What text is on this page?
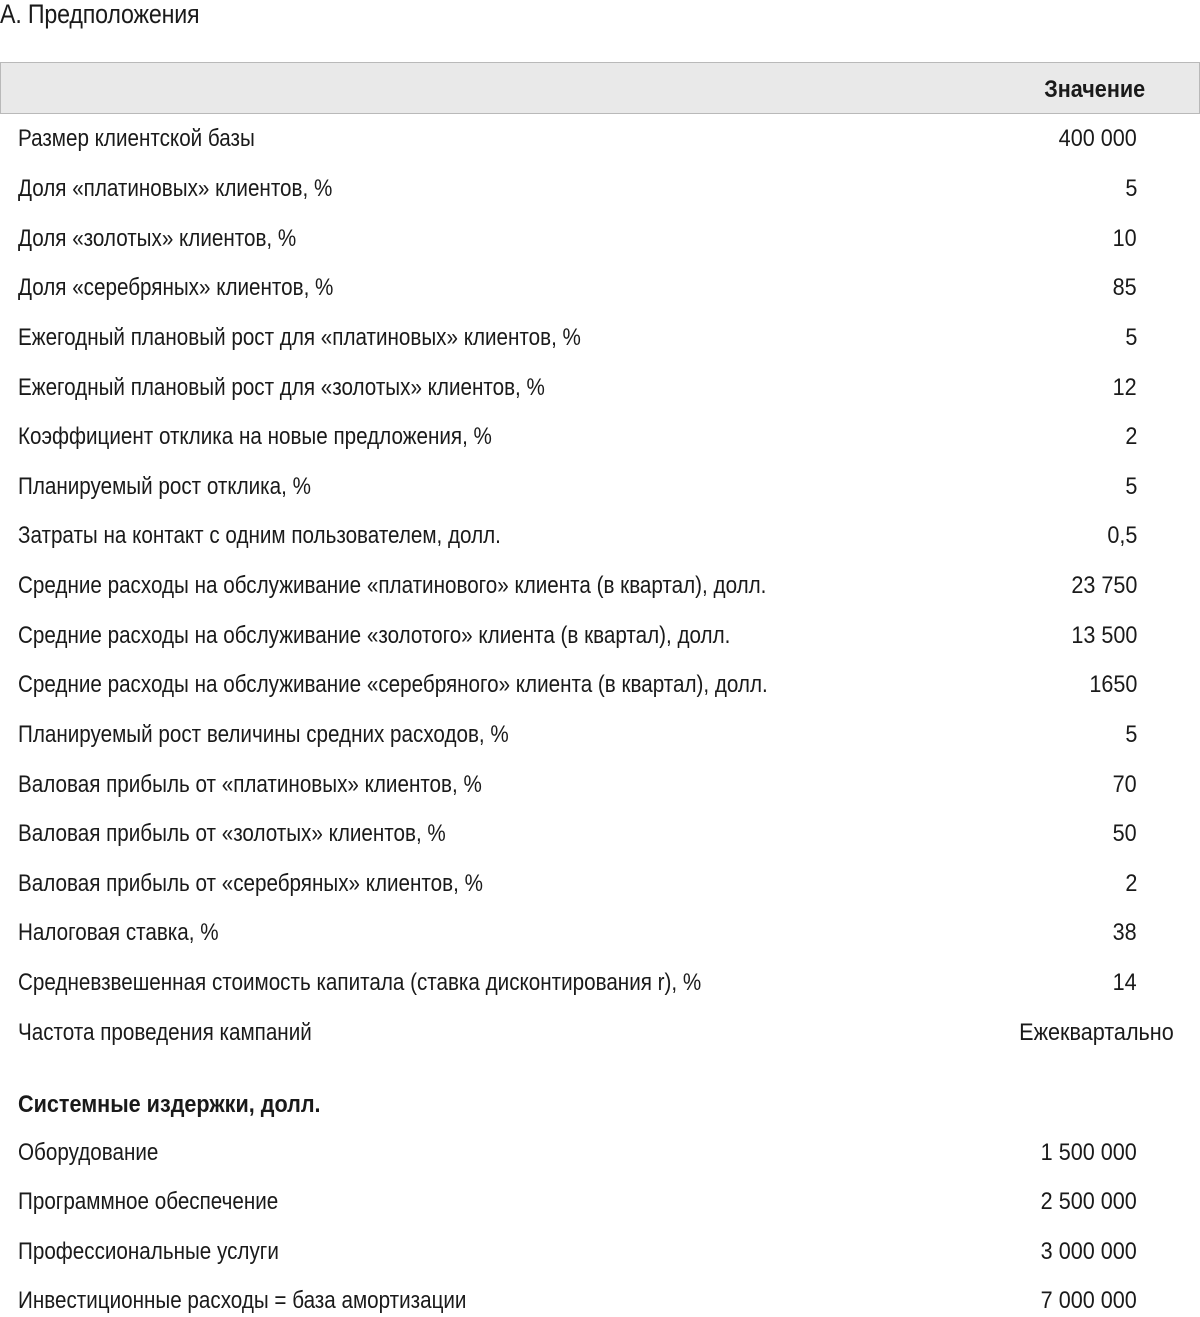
А. Предположения
Значение
Размер клиентской базы	400 000
Доля «платиновых» клиентов, %	5
Доля «золотых» клиентов, %	10
Доля «серебряных» клиентов, %	85
Ежегодный плановый рост для «платиновых» клиентов, %	5
Ежегодный плановый рост для «золотых» клиентов, %	12
Коэффициент отклика на новые предложения, %	2
Планируемый рост отклика, %	5
Затраты на контакт с одним пользователем, долл.	0,5
Средние расходы на обслуживание «платинового» клиента (в квартал), долл.	23 750
Средние расходы на обслуживание «золотого» клиента (в квартал), долл.	13 500
Средние расходы на обслуживание «серебряного» клиента (в квартал), долл.	1650
Планируемый рост величины средних расходов, %	5
Валовая прибыль от «платиновых» клиентов, %	70
Валовая прибыль от «золотых» клиентов, %	50
Валовая прибыль от «серебряных» клиентов, %	2
Налоговая ставка, %	38
Средневзвешенная стоимость капитала (ставка дисконтирования r), %	14
Частота проведения кампаний	Ежеквартально
Системные издержки, долл.
Оборудование	1 500 000
Программное обеспечение	2 500 000
Профессиональные услуги	3 000 000
Инвестиционные расходы = база амортизации	7 000 000
